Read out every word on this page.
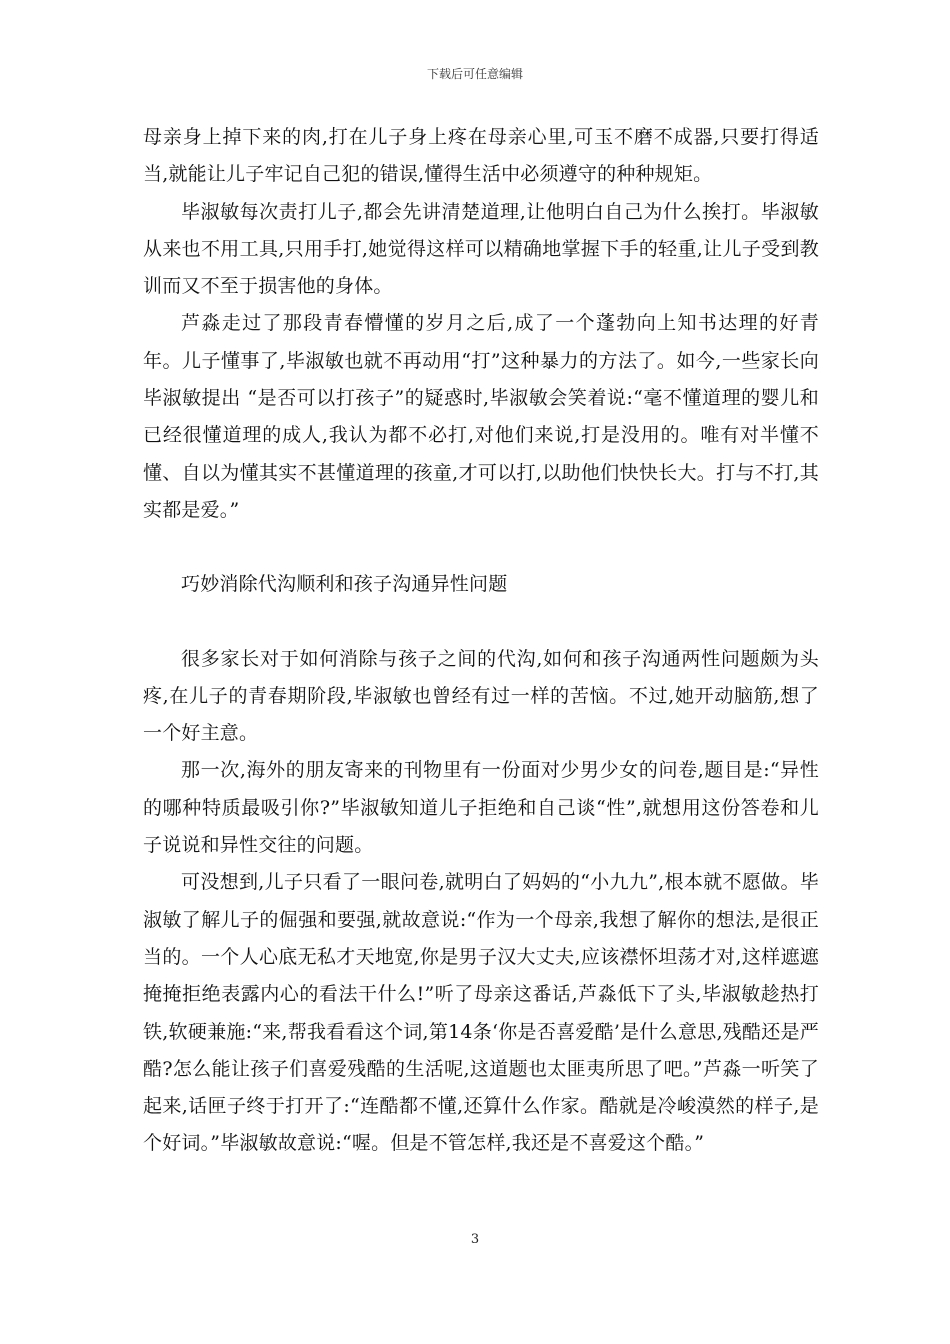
下载后可任意编辑

母亲身上掉下来的肉,打在儿子身上疼在母亲心里,可玉不磨不成器,只要打得适当,就能让儿子牢记自己犯的错误,懂得生活中必须遵守的种种规矩。

毕淑敏每次责打儿子,都会先讲清楚道理,让他明白自己为什么挨打。毕淑敏从来也不用工具,只用手打,她觉得这样可以精确地掌握下手的轻重,让儿子受到教训而又不至于损害他的身体。

芦淼走过了那段青春懵懂的岁月之后,成了一个蓬勃向上知书达理的好青年。儿子懂事了,毕淑敏也就不再动用“打”这种暴力的方法了。如今,一些家长向毕淑敏提出 “是否可以打孩子”的疑惑时,毕淑敏会笑着说:“毫不懂道理的婴儿和已经很懂道理的成人,我认为都不必打,对他们来说,打是没用的。唯有对半懂不懂、自以为懂其实不甚懂道理的孩童,才可以打,以助他们快快长大。打与不打,其实都是爱。”

巧妙消除代沟顺利和孩子沟通异性问题

很多家长对于如何消除与孩子之间的代沟,如何和孩子沟通两性问题颇为头疼,在儿子的青春期阶段,毕淑敏也曾经有过一样的苦恼。不过,她开动脑筋,想了一个好主意。

那一次,海外的朋友寄来的刊物里有一份面对少男少女的问卷,题目是:“异性的哪种特质最吸引你?”毕淑敏知道儿子拒绝和自己谈“性”,就想用这份答卷和儿子说说和异性交往的问题。

可没想到,儿子只看了一眼问卷,就明白了妈妈的“小九九”,根本就不愿做。毕淑敏了解儿子的倔强和要强,就故意说:“作为一个母亲,我想了解你的想法,是很正当的。一个人心底无私才天地宽,你是男子汉大丈夫,应该襟怀坦荡才对,这样遮遮掩掩拒绝表露内心的看法干什么!”听了母亲这番话,芦淼低下了头,毕淑敏趁热打铁,软硬兼施:“来,帮我看看这个词,第14条‘你是否喜爱酷’是什么意思,残酷还是严酷?怎么能让孩子们喜爱残酷的生活呢,这道题也太匪夷所思了吧。”芦淼一听笑了起来,话匣子终于打开了:“连酷都不懂,还算什么作家。酷就是冷峻漠然的样子,是个好词。”毕淑敏故意说:“喔。但是不管怎样,我还是不喜爱这个酷。”

3
